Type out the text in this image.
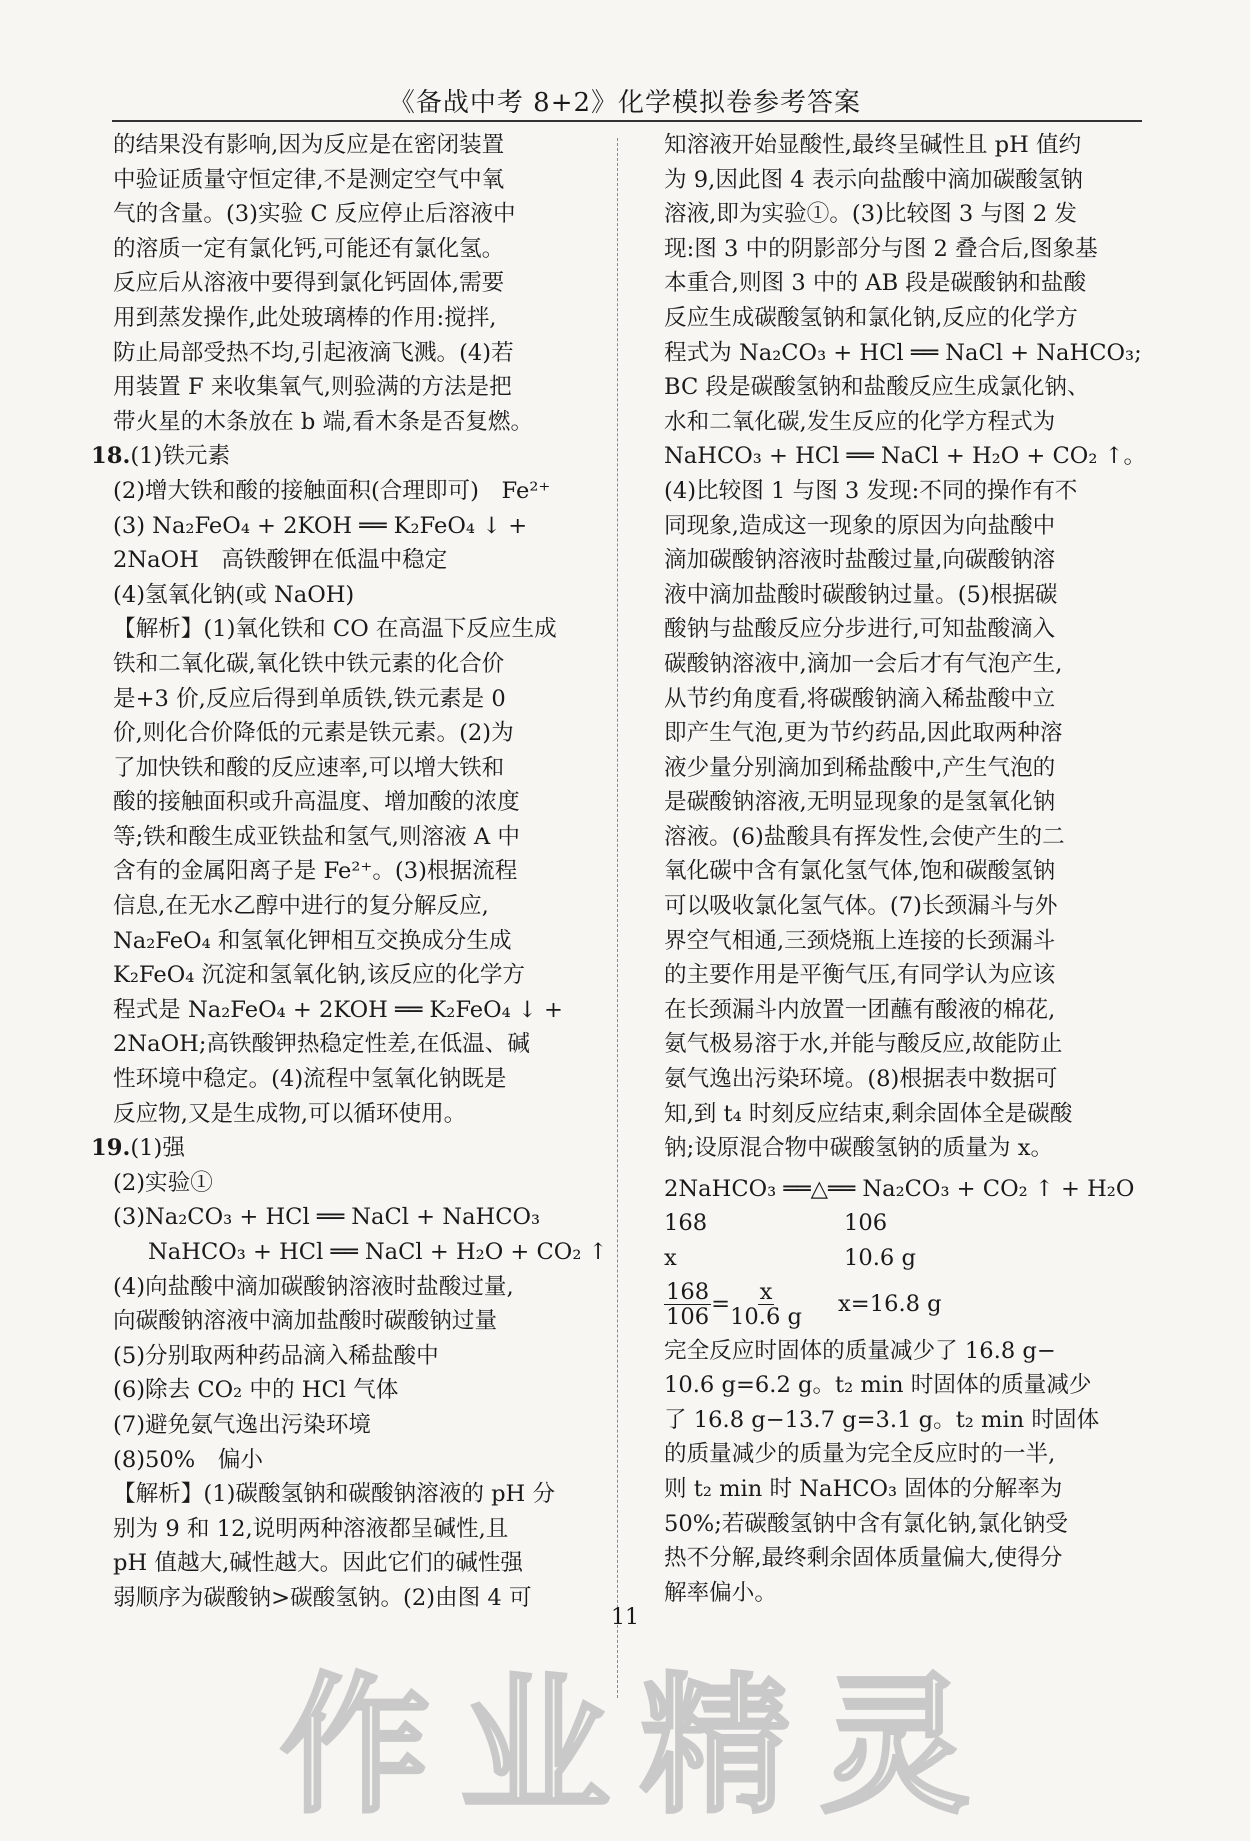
《备战中考 8+2》化学模拟卷参考答案
的结果没有影响,因为反应是在密闭装置
中验证质量守恒定律,不是测定空气中氧
气的含量。(3)实验 C 反应停止后溶液中
的溶质一定有氯化钙,可能还有氯化氢。
反应后从溶液中要得到氯化钙固体,需要
用到蒸发操作,此处玻璃棒的作用:搅拌,
防止局部受热不均,引起液滴飞溅。(4)若
用装置 F 来收集氧气,则验满的方法是把
带火星的木条放在 b 端,看木条是否复燃。
18.(1)铁元素
(2)增大铁和酸的接触面积(合理即可)　Fe²⁺
(3) Na₂FeO₄ + 2KOH ══ K₂FeO₄ ↓ +
2NaOH　高铁酸钾在低温中稳定
(4)氢氧化钠(或 NaOH)
【解析】(1)氧化铁和 CO 在高温下反应生成
铁和二氧化碳,氧化铁中铁元素的化合价
是+3 价,反应后得到单质铁,铁元素是 0
价,则化合价降低的元素是铁元素。(2)为
了加快铁和酸的反应速率,可以增大铁和
酸的接触面积或升高温度、增加酸的浓度
等;铁和酸生成亚铁盐和氢气,则溶液 A 中
含有的金属阳离子是 Fe²⁺。(3)根据流程
信息,在无水乙醇中进行的复分解反应,
Na₂FeO₄ 和氢氧化钾相互交换成分生成
K₂FeO₄ 沉淀和氢氧化钠,该反应的化学方
程式是 Na₂FeO₄ + 2KOH ══ K₂FeO₄ ↓ +
2NaOH;高铁酸钾热稳定性差,在低温、碱
性环境中稳定。(4)流程中氢氧化钠既是
反应物,又是生成物,可以循环使用。
19.(1)强
(2)实验①
(3)Na₂CO₃ + HCl ══ NaCl + NaHCO₃
NaHCO₃ + HCl ══ NaCl + H₂O + CO₂ ↑
(4)向盐酸中滴加碳酸钠溶液时盐酸过量,
向碳酸钠溶液中滴加盐酸时碳酸钠过量
(5)分别取两种药品滴入稀盐酸中
(6)除去 CO₂ 中的 HCl 气体
(7)避免氨气逸出污染环境
(8)50%　偏小
【解析】(1)碳酸氢钠和碳酸钠溶液的 pH 分
别为 9 和 12,说明两种溶液都呈碱性,且
pH 值越大,碱性越大。因此它们的碱性强
弱顺序为碳酸钠>碳酸氢钠。(2)由图 4 可
知溶液开始显酸性,最终呈碱性且 pH 值约
为 9,因此图 4 表示向盐酸中滴加碳酸氢钠
溶液,即为实验①。(3)比较图 3 与图 2 发
现:图 3 中的阴影部分与图 2 叠合后,图象基
本重合,则图 3 中的 AB 段是碳酸钠和盐酸
反应生成碳酸氢钠和氯化钠,反应的化学方
程式为 Na₂CO₃ + HCl ══ NaCl + NaHCO₃;
BC 段是碳酸氢钠和盐酸反应生成氯化钠、
水和二氧化碳,发生反应的化学方程式为
NaHCO₃ + HCl ══ NaCl + H₂O + CO₂ ↑。
(4)比较图 1 与图 3 发现:不同的操作有不
同现象,造成这一现象的原因为向盐酸中
滴加碳酸钠溶液时盐酸过量,向碳酸钠溶
液中滴加盐酸时碳酸钠过量。(5)根据碳
酸钠与盐酸反应分步进行,可知盐酸滴入
碳酸钠溶液中,滴加一会后才有气泡产生,
从节约角度看,将碳酸钠滴入稀盐酸中立
即产生气泡,更为节约药品,因此取两种溶
液少量分别滴加到稀盐酸中,产生气泡的
是碳酸钠溶液,无明显现象的是氢氧化钠
溶液。(6)盐酸具有挥发性,会使产生的二
氧化碳中含有氯化氢气体,饱和碳酸氢钠
可以吸收氯化氢气体。(7)长颈漏斗与外
界空气相通,三颈烧瓶上连接的长颈漏斗
的主要作用是平衡气压,有同学认为应该
在长颈漏斗内放置一团蘸有酸液的棉花,
氨气极易溶于水,并能与酸反应,故能防止
氨气逸出污染环境。(8)根据表中数据可
知,到 t₄ 时刻反应结束,剩余固体全是碳酸
钠;设原混合物中碳酸氢钠的质量为 x。
2NaHCO₃ ══△══ Na₂CO₃ + CO₂ ↑ + H₂O
168	106
x	10.6 g
$\frac{168}{106} = \frac{x}{10.6 g} x=16.8$ g
完全反应时固体的质量减少了 16.8 g−
10.6 g=6.2 g。t₂ min 时固体的质量减少
了 16.8 g−13.7 g=3.1 g。t₂ min 时固体
的质量减少的质量为完全反应时的一半,
则 t₂ min 时 NaHCO₃ 固体的分解率为
50%;若碳酸氢钠中含有氯化钠,氯化钠受
热不分解,最终剩余固体质量偏大,使得分
解率偏小。
11
作业精灵
